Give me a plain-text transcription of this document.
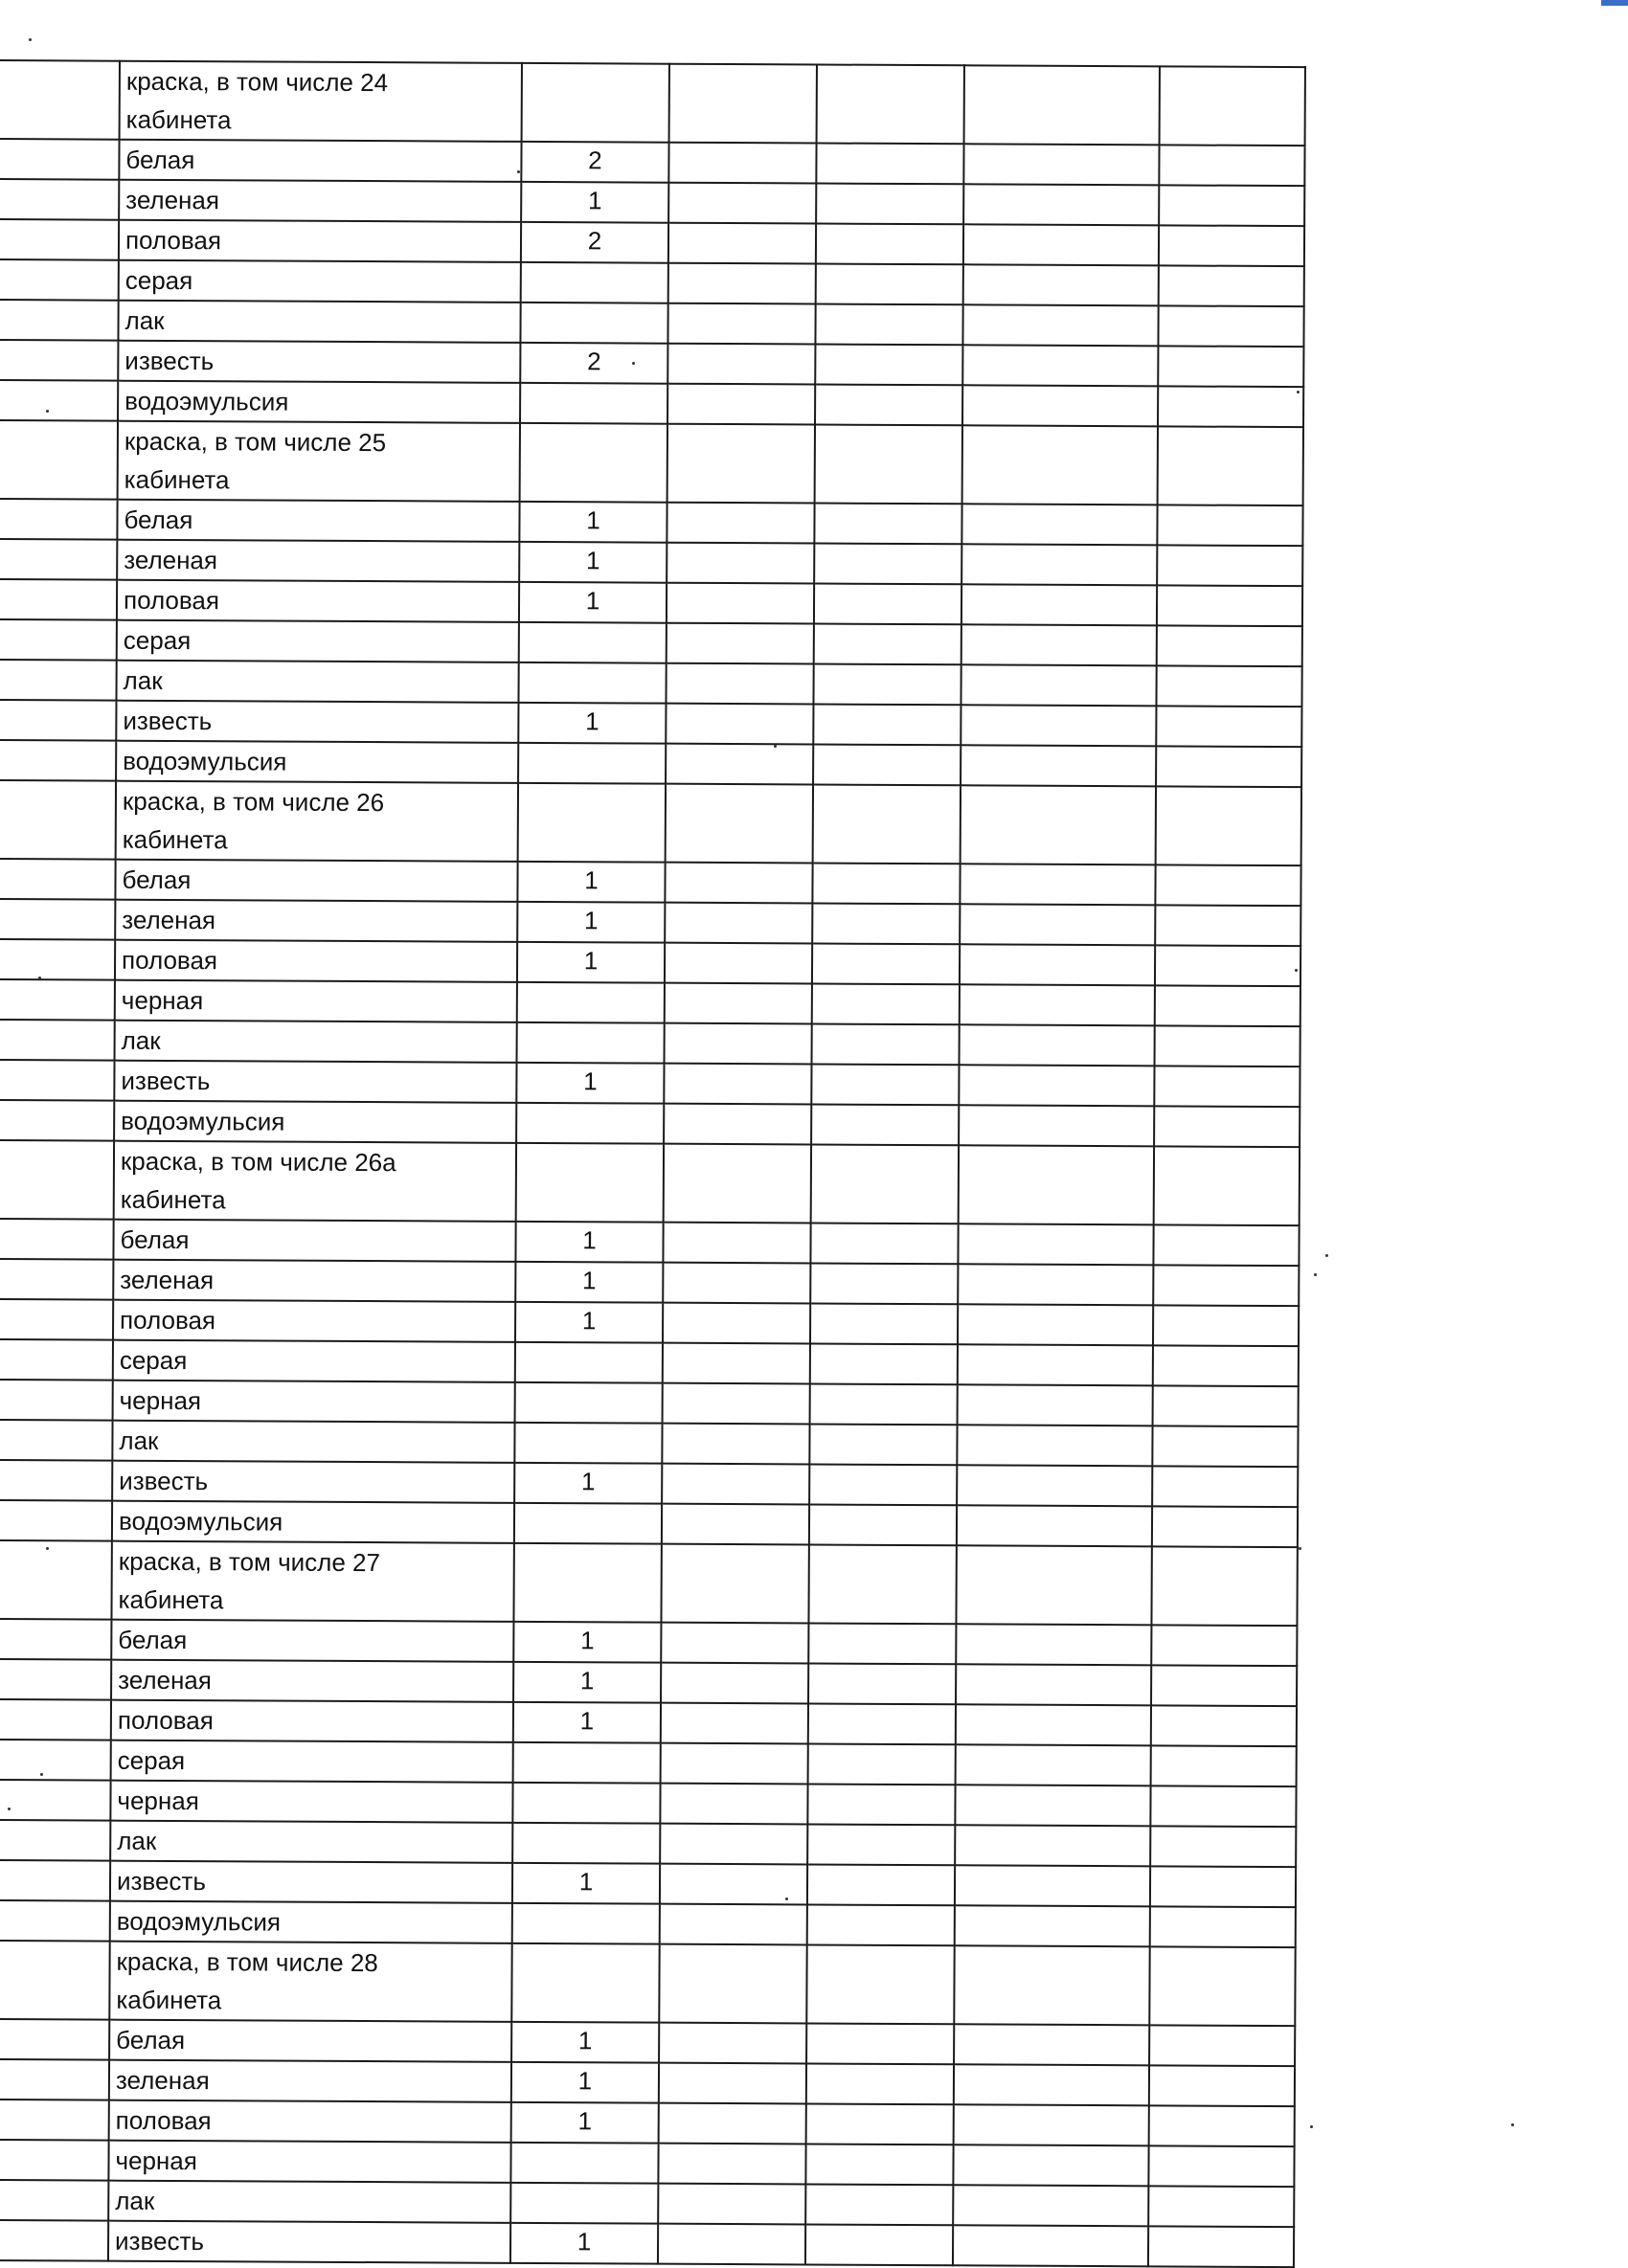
	краска, в том числе 24
кабинета					

	белая	2				
	зеленая	1				
	половая	2				
	серая					
	лак					
	известь	2				
	водоэмульсия					

	краска, в том числе 25
кабинета					

	белая	1				
	зеленая	1				
	половая	1				
	серая					
	лак					
	известь	1				
	водоэмульсия					

	краска, в том числе 26
кабинета					

	белая	1				
	зеленая	1				
	половая	1				
	черная					
	лак					
	известь	1				
	водоэмульсия					

	краска, в том числе 26а
кабинета					

	белая	1				
	зеленая	1				
	половая	1				
	серая					
	черная					
	лак					
	известь	1				
	водоэмульсия					

	краска, в том числе 27
кабинета					

	белая	1				
	зеленая	1				
	половая	1				
	серая					
	черная					
	лак					
	известь	1				
	водоэмульсия					

	краска, в том числе 28
кабинета					

	белая	1				
	зеленая	1				
	половая	1				
	черная					
	лак					
	известь	1				
